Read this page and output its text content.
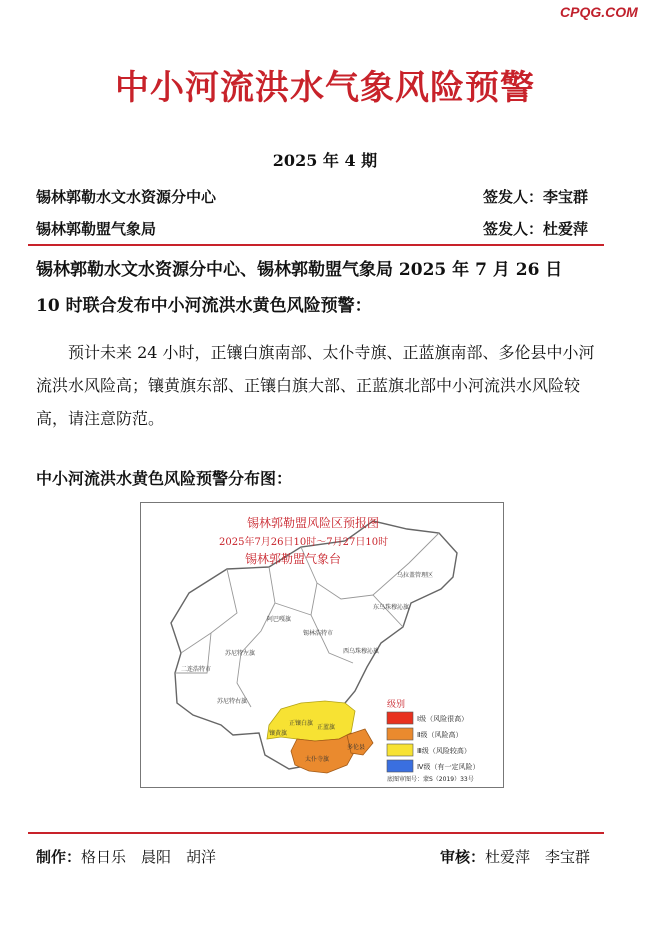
CPQG.COM
中小河流洪水气象风险预警
2025 年 4 期
锡林郭勒水文水资源分中心	签发人：李宝群
锡林郭勒盟气象局	签发人：杜爱萍
锡林郭勒水文水资源分中心、锡林郭勒盟气象局 2025 年 7 月 26 日
10 时联合发布中小河流洪水黄色风险预警：
预计未来 24 小时，正镶白旗南部、太仆寺旗、正蓝旗南部、多伦县中小河流洪水风险高；镶黄旗东部、正镶白旗大部、正蓝旗北部中小河流洪水风险较高，请注意防范。
中小河流洪水黄色风险预警分布图：
锡林郭勒盟风险区预报图
2025年7月26日10时～7月27日10时
锡林郭勒盟气象台
乌拉盖管理区
东乌珠穆沁旗
西乌珠穆沁旗
阿巴嘎旗
锡林浩特市
苏尼特左旗
二连浩特市
苏尼特右旗
镶黄旗
正镶白旗
正蓝旗
太仆寺旗
多伦县
级别
Ⅰ级（风险很高）
Ⅱ级（风险高）
Ⅲ级（风险较高）
Ⅳ级（有一定风险）
底图审图号：蒙S（2019）33号
制作：格日乐　晨阳　胡洋	审核：杜爱萍　李宝群
